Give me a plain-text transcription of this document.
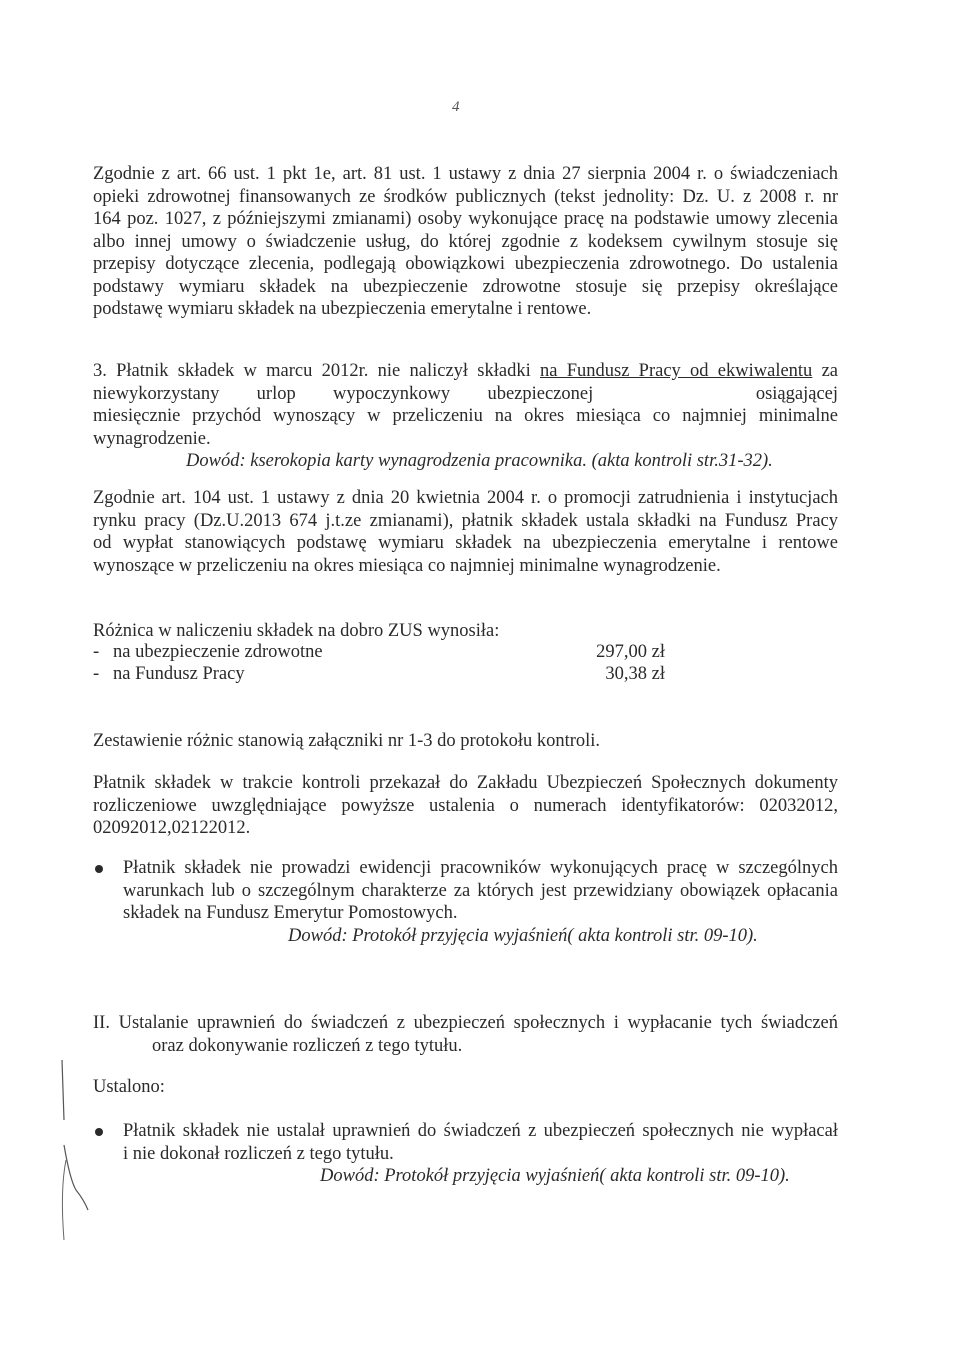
4
Zgodnie z art. 66 ust. 1 pkt 1e, art. 81 ust. 1 ustawy z dnia 27 sierpnia 2004 r. o świadczeniach
opieki zdrowotnej finansowanych ze środków publicznych (tekst jednolity: Dz. U. z 2008 r. nr
164 poz. 1027, z późniejszymi zmianami) osoby wykonujące pracę na podstawie umowy zlecenia
albo innej umowy o świadczenie usług, do której zgodnie z kodeksem cywilnym stosuje się
przepisy dotyczące zlecenia, podlegają obowiązkowi ubezpieczenia zdrowotnego. Do ustalenia
podstawy wymiaru składek na ubezpieczenie zdrowotne stosuje się przepisy określające
podstawę wymiaru składek na ubezpieczenia emerytalne i rentowe.
3. Płatnik składek w marcu 2012r. nie naliczył składki na Fundusz Pracy od ekwiwalentu za
niewykorzystany urlop wypoczynkowy ubezpieczonej	osiągającej
miesięcznie przychód wynoszący w przeliczeniu na okres miesiąca co najmniej minimalne
wynagrodzenie.
Dowód: kserokopia karty wynagrodzenia pracownika. (akta kontroli str.31-32).
Zgodnie art. 104 ust. 1 ustawy z dnia 20 kwietnia 2004 r. o promocji zatrudnienia i instytucjach
rynku pracy (Dz.U.2013 674 j.t.ze zmianami), płatnik składek ustala składki na Fundusz Pracy
od wypłat stanowiących podstawę wymiaru składek na ubezpieczenia emerytalne i rentowe
wynoszące w przeliczeniu na okres miesiąca co najmniej minimalne wynagrodzenie.
Różnica w naliczeniu składek na dobro ZUS wynosiła:
-   na ubezpieczenie zdrowotne	297,00 zł
-   na Fundusz Pracy	30,38 zł
Zestawienie różnic stanowią załączniki nr 1-3 do protokołu kontroli.
Płatnik składek w trakcie kontroli przekazał do Zakładu Ubezpieczeń Społecznych dokumenty
rozliczeniowe uwzględniające powyższe ustalenia o numerach identyfikatorów: 02032012,
02092012,02122012.
Płatnik składek nie prowadzi ewidencji pracowników wykonujących pracę w szczególnych
warunkach lub o szczególnym charakterze za których jest przewidziany obowiązek opłacania
składek na Fundusz Emerytur Pomostowych.
Dowód: Protokół przyjęcia wyjaśnień( akta kontroli str. 09-10).
II. Ustalanie uprawnień do świadczeń z ubezpieczeń społecznych i wypłacanie tych świadczeń
oraz dokonywanie rozliczeń z tego tytułu.
Ustalono:
Płatnik składek nie ustalał uprawnień do świadczeń z ubezpieczeń społecznych nie wypłacał
i nie dokonał rozliczeń z tego tytułu.
Dowód: Protokół przyjęcia wyjaśnień( akta kontroli str. 09-10).
